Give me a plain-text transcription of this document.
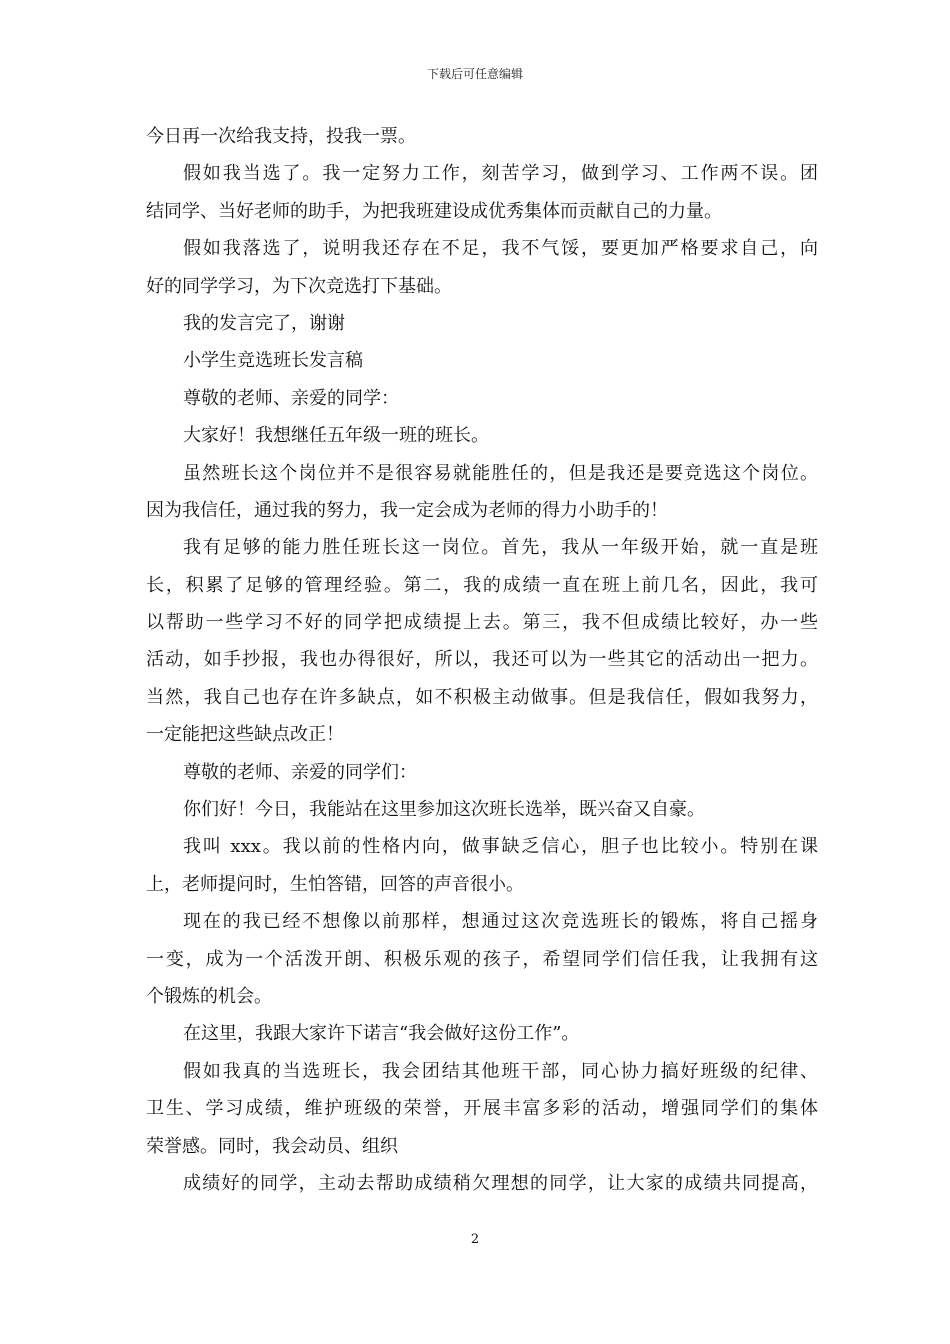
下载后可任意编辑
今日再一次给我支持，投我一票。
假如我当选了。我一定努力工作，刻苦学习，做到学习、工作两不误。团
结同学、当好老师的助手，为把我班建设成优秀集体而贡献自己的力量。
假如我落选了，说明我还存在不足，我不气馁，要更加严格要求自己，向
好的同学学习，为下次竞选打下基础。
我的发言完了，谢谢
小学生竞选班长发言稿
尊敬的老师、亲爱的同学：
大家好！我想继任五年级一班的班长。
虽然班长这个岗位并不是很容易就能胜任的，但是我还是要竞选这个岗位。
因为我信任，通过我的努力，我一定会成为老师的得力小助手的！
我有足够的能力胜任班长这一岗位。首先，我从一年级开始，就一直是班
长，积累了足够的管理经验。第二，我的成绩一直在班上前几名，因此，我可
以帮助一些学习不好的同学把成绩提上去。第三，我不但成绩比较好，办一些
活动，如手抄报，我也办得很好，所以，我还可以为一些其它的活动出一把力。
当然，我自己也存在许多缺点，如不积极主动做事。但是我信任，假如我努力，
一定能把这些缺点改正！
尊敬的老师、亲爱的同学们：
你们好！今日，我能站在这里参加这次班长选举，既兴奋又自豪。
我叫 xxx。我以前的性格内向，做事缺乏信心，胆子也比较小。特别在课
上，老师提问时，生怕答错，回答的声音很小。
现在的我已经不想像以前那样，想通过这次竞选班长的锻炼，将自己摇身
一变，成为一个活泼开朗、积极乐观的孩子，希望同学们信任我，让我拥有这
个锻炼的机会。
在这里，我跟大家许下诺言“我会做好这份工作”。
假如我真的当选班长，我会团结其他班干部，同心协力搞好班级的纪律、
卫生、学习成绩，维护班级的荣誉，开展丰富多彩的活动，增强同学们的集体
荣誉感。同时，我会动员、组织
成绩好的同学，主动去帮助成绩稍欠理想的同学，让大家的成绩共同提高，
2
